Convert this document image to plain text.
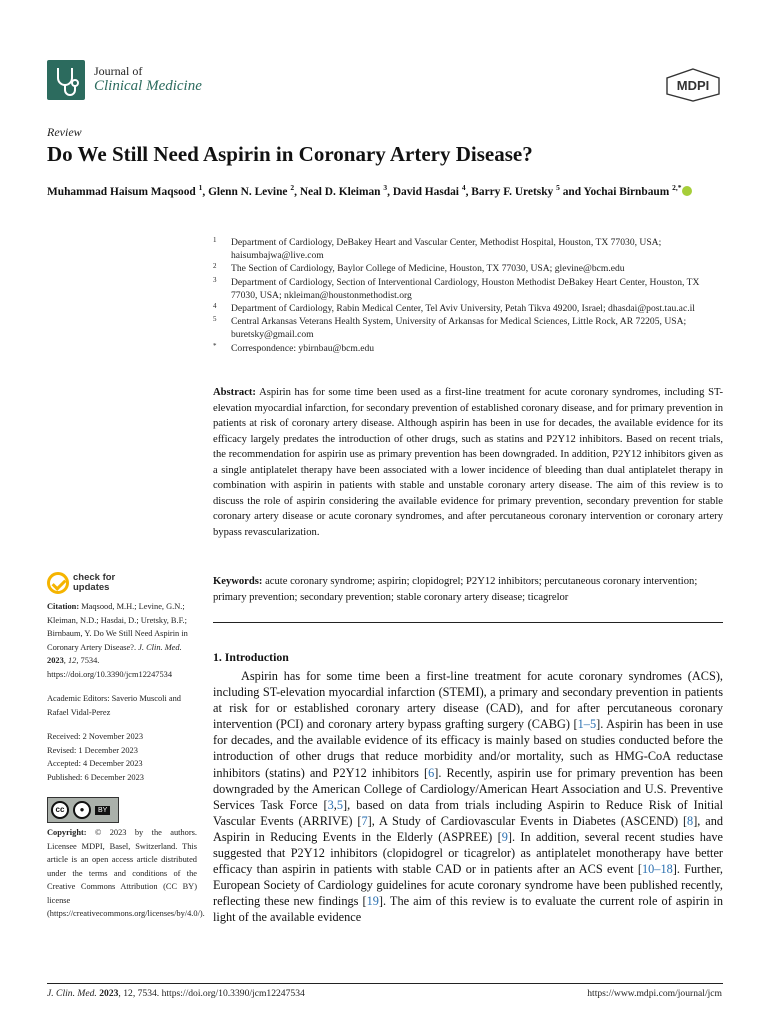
Journal of
Clinical Medicine	MDPI
Review
Do We Still Need Aspirin in Coronary Artery Disease?
Muhammad Haisum Maqsood $^1$, Glenn N. Levine $^2$, Neal D. Kleiman $^3$, David Hasdai $^4$, Barry F. Uretsky $^5$ and Yochai Birnbaum $^{2,*}$
1 Department of Cardiology, DeBakey Heart and Vascular Center, Methodist Hospital, Houston, TX 77030, USA; haisumbajwa@live.com
2 The Section of Cardiology, Baylor College of Medicine, Houston, TX 77030, USA; glevine@bcm.edu
3 Department of Cardiology, Section of Interventional Cardiology, Houston Methodist DeBakey Heart Center, Houston, TX 77030, USA; nkleiman@houstonmethodist.org
4 Department of Cardiology, Rabin Medical Center, Tel Aviv University, Petah Tikva 49200, Israel; dhasdai@post.tau.ac.il
5 Central Arkansas Veterans Health System, University of Arkansas for Medical Sciences, Little Rock, AR 72205, USA; buretsky@gmail.com
* Correspondence: ybirnbau@bcm.edu
Abstract: Aspirin has for some time been used as a first-line treatment for acute coronary syndromes, including ST-elevation myocardial infarction, for secondary prevention of established coronary disease, and for primary prevention in patients at risk of coronary artery disease. Although aspirin has been in use for decades, the available evidence for its efficacy largely predates the introduction of other drugs, such as statins and P2Y12 inhibitors. Based on recent trials, the recommendation for aspirin use as primary prevention has been downgraded. In addition, P2Y12 inhibitors given as a single antiplatelet therapy have been associated with a lower incidence of bleeding than dual antiplatelet therapy in combination with aspirin in patients with stable and unstable coronary artery disease. The aim of this review is to discuss the role of aspirin considering the available evidence for primary prevention, secondary prevention for stable coronary artery disease or acute coronary syndromes, and after percutaneous coronary intervention or coronary artery bypass revascularization.
Keywords: acute coronary syndrome; aspirin; clopidogrel; P2Y12 inhibitors; percutaneous coronary intervention; primary prevention; secondary prevention; stable coronary artery disease; ticagrelor
check for
updates
Citation: Maqsood, M.H.; Levine, G.N.; Kleiman, N.D.; Hasdai, D.; Uretsky, B.F.; Birnbaum, Y. Do We Still Need Aspirin in Coronary Artery Disease?. J. Clin. Med. 2023, 12, 7534. https://doi.org/10.3390/jcm12247534
Academic Editors: Saverio Muscoli and Rafael Vidal-Perez
Received: 2 November 2023
Revised: 1 December 2023
Accepted: 4 December 2023
Published: 6 December 2023
cc	●	BY
Copyright: © 2023 by the authors. Licensee MDPI, Basel, Switzerland. This article is an open access article distributed under the terms and conditions of the Creative Commons Attribution (CC BY) license (https://creativecommons.org/licenses/by/4.0/).
1. Introduction
Aspirin has for some time been a first-line treatment for acute coronary syndromes (ACS), including ST-elevation myocardial infarction (STEMI), a primary and secondary prevention in patients at risk for or established coronary artery disease (CAD), and for after percutaneous coronary intervention (PCI) and coronary artery bypass grafting surgery (CABG) [1–5]. Aspirin has been in use for decades, and the available evidence of its efficacy is mainly based on studies conducted before the introduction of other drugs that reduce morbidity and/or mortality, such as HMG-CoA reductase inhibitors (statins) and P2Y12 inhibitors [6]. Recently, aspirin use for primary prevention has been downgraded by the American College of Cardiology/American Heart Association and U.S. Preventive Services Task Force [3,5], based on data from trials including Aspirin to Reduce Risk of Initial Vascular Events (ARRIVE) [7], A Study of Cardiovascular Events in Diabetes (ASCEND) [8], and Aspirin in Reducing Events in the Elderly (ASPREE) [9]. In addition, several recent studies have suggested that P2Y12 inhibitors (clopidogrel or ticagrelor) as antiplatelet monotherapy have better efficacy than aspirin in patients with stable CAD or in patients after an ACS event [10–18]. Further, European Society of Cardiology guidelines for acute coronary syndrome have been published recently, reflecting these new findings [19]. The aim of this review is to evaluate the current role of aspirin in light of the available evidence
J. Clin. Med. 2023, 12, 7534. https://doi.org/10.3390/jcm12247534	https://www.mdpi.com/journal/jcm
